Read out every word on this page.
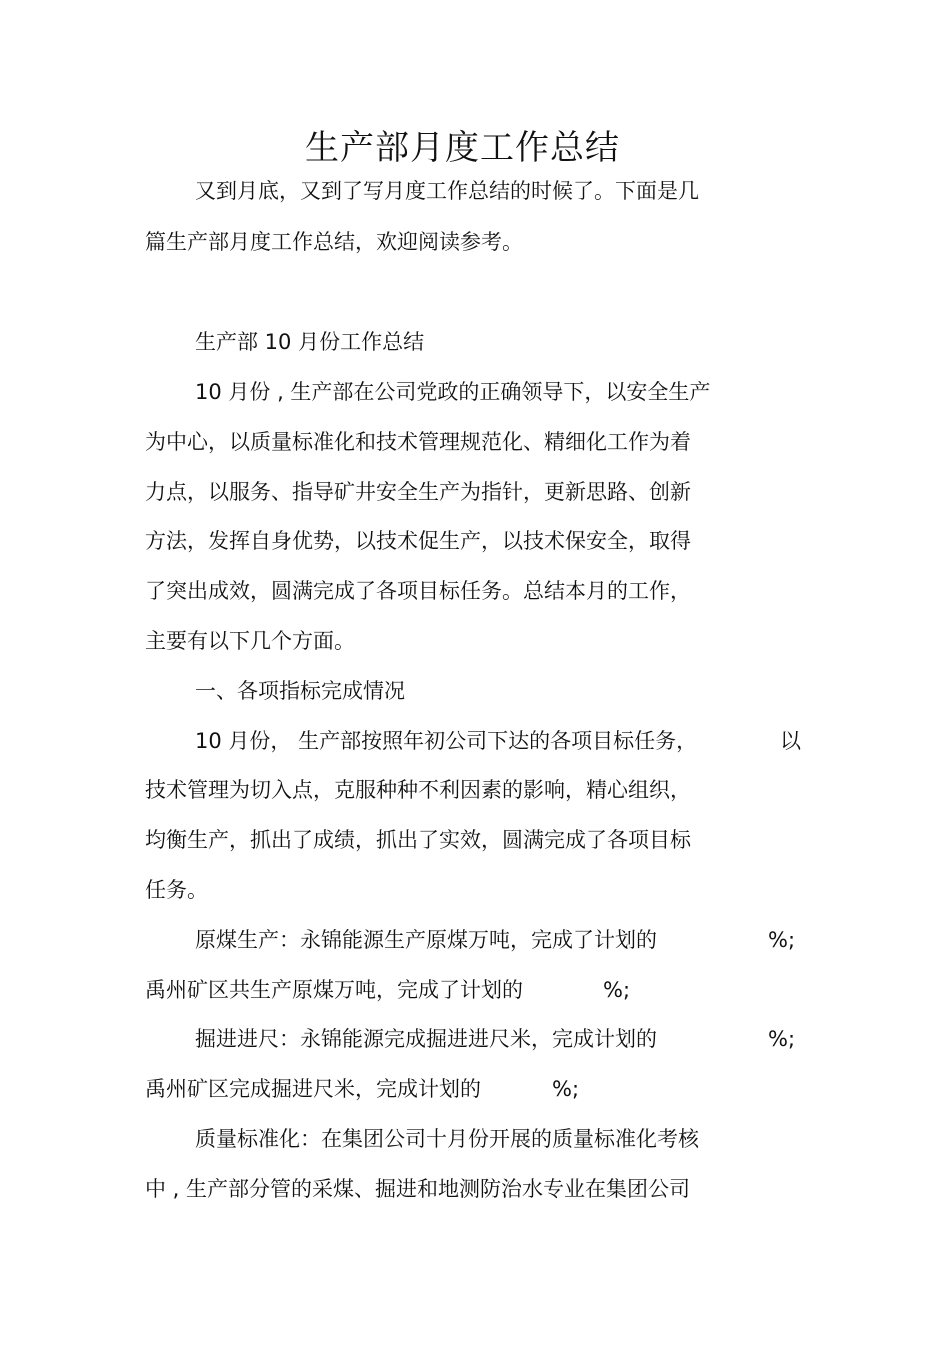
生产部月度工作总结
又到月底，又到了写月度工作总结的时候了。下面是几
篇生产部月度工作总结，欢迎阅读参考。
生产部 10 月份工作总结
10 月份 , 生产部在公司党政的正确领导下，以安全生产
为中心，以质量标准化和技术管理规范化、精细化工作为着
力点，以服务、指导矿井安全生产为指针，更新思路、创新
方法，发挥自身优势，以技术促生产，以技术保安全，取得
了突出成效，圆满完成了各项目标任务。总结本月的工作，
主要有以下几个方面。
一、各项指标完成情况
10 月份， 生产部按照年初公司下达的各项目标任务，	以
技术管理为切入点，克服种种不利因素的影响，精心组织，
均衡生产，抓出了成绩，抓出了实效，圆满完成了各项目标
任务。
原煤生产：永锦能源生产原煤万吨，完成了计划的	%;
禹州矿区共生产原煤万吨，完成了计划的	%;
掘进进尺：永锦能源完成掘进进尺米，完成计划的	%;
禹州矿区完成掘进尺米，完成计划的	%;
质量标准化：在集团公司十月份开展的质量标准化考核
中 , 生产部分管的采煤、掘进和地测防治水专业在集团公司
